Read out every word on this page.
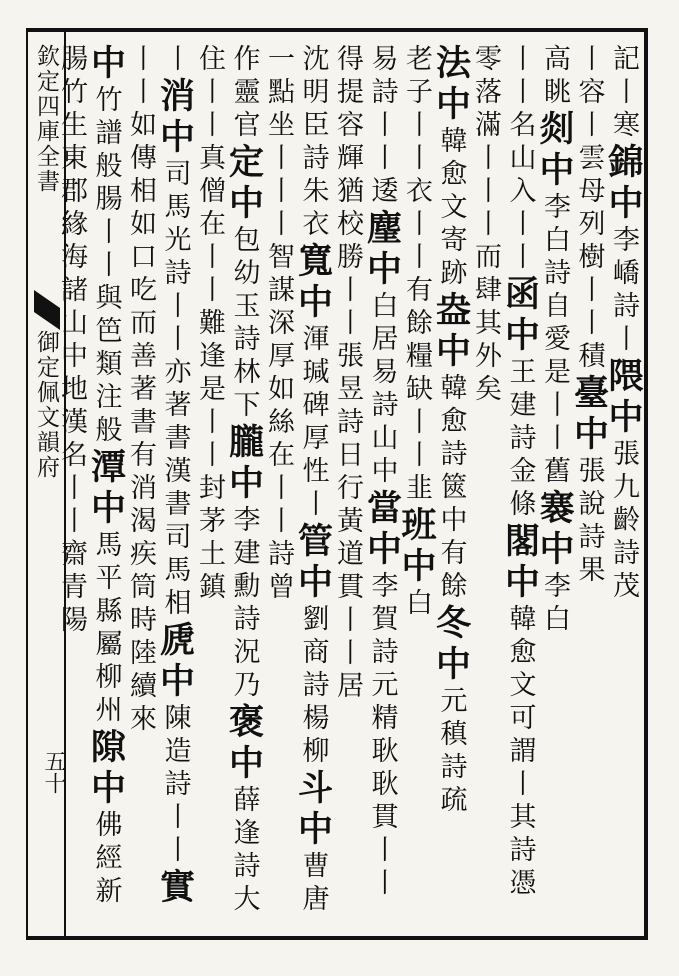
欽定四庫全書
御定佩文韻府
五十
記丨寒錦中李嶠詩丨隈中張九齡詩茂
丨容丨雲母列樹丨丨積臺中張說詩果
高眺剡中李白詩自愛是丨丨舊褰中李白
丨丨名山入丨丨函中王建詩金條閣中韓愈文可謂丨其詩憑
零落滿丨丨丨而肆其外矣
法中韓愈文寄跡盎中韓愈詩篋中有餘冬中元稹詩疏
老子丨丨衣丨丨有餘糧缺丨丨韭班中白
易詩丨丨逶麈中白居易詩山中當中李賀詩元精耿耿貫丨丨
得提容輝猶校勝丨丨張昱詩日行黃道貫丨丨居
沈明臣詩朱衣寬中渾瑊碑厚性丨管中劉商詩楊柳斗中曹唐
一點坐丨丨丨智謀深厚如絲在丨丨詩曾
作靈官定中包幼玉詩林下朧中李建勳詩況乃褒中薛逢詩大
住丨丨真僧在丨丨難逢是丨丨封茅土鎮
丨消中司馬光詩丨丨亦著書漢書司馬相虒中陳造詩丨丨實
丨丨如傳相如口吃而善著書有消渴疾筒時陸續來
中竹譜般腸丨丨與笆類注般潭中馬平縣屬柳州隙中佛經新
腸竹生東郡緣海諸山中地漢名丨丨齋青陽
